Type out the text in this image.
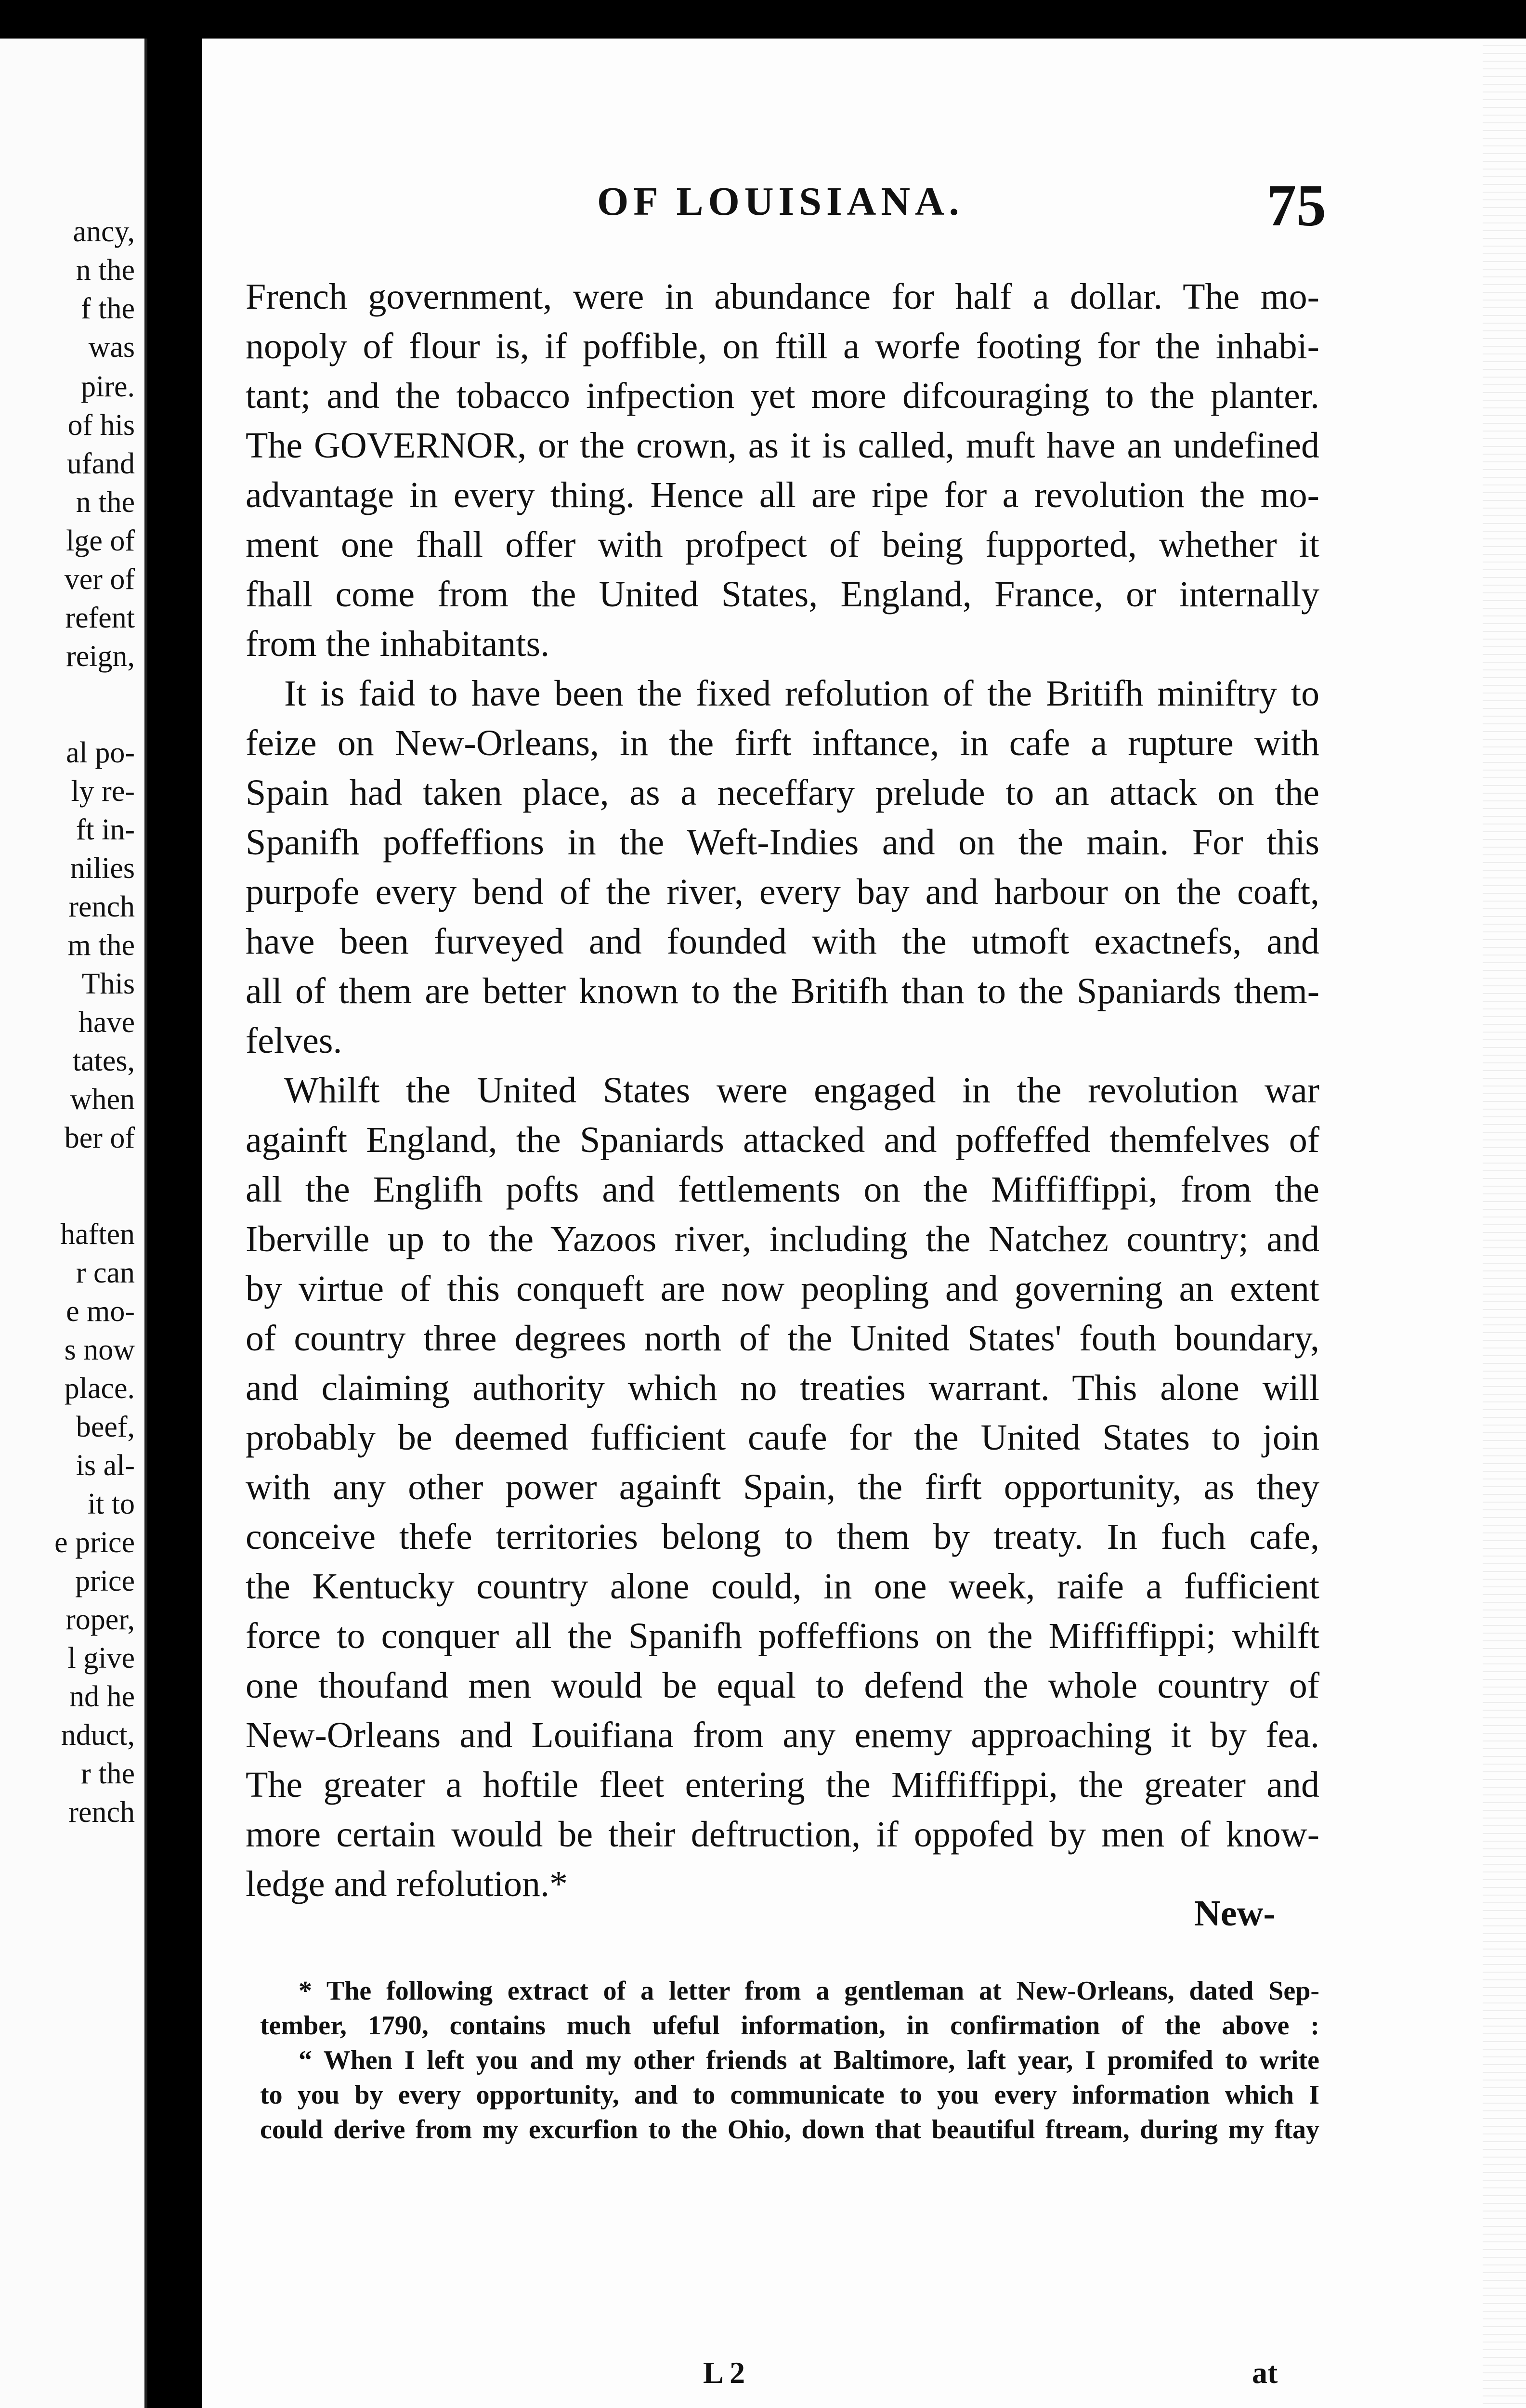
ancy,
n the
f the
was
pire.
of his
ufand
n the
lge of
ver of
refent
reign,
al po-
ly re-
ft in-
nilies
rench
m the
This
have
tates,
when
ber of
haften
r can
e mo-
s now
place.
beef,
is al-
it to
e price
price
roper,
l give
nd he
nduct,
r the
rench
OF LOUISIANA.	75
French government, were in abundance for half a dollar. The mo-
nopoly of flour is, if poffible, on ftill a worfe footing for the inhabi-
tant; and the tobacco infpection yet more difcouraging to the planter.
The GOVERNOR, or the crown, as it is called, muft have an undefined
advantage in every thing. Hence all are ripe for a revolution the mo-
ment one fhall offer with profpect of being fupported, whether it
fhall come from the United States, England, France, or internally
from the inhabitants.
It is faid to have been the fixed refolution of the Britifh miniftry to
feize on New-Orleans, in the firft inftance, in cafe a rupture with
Spain had taken place, as a neceffary prelude to an attack on the
Spanifh poffeffions in the Weft-Indies and on the main. For this
purpofe every bend of the river, every bay and harbour on the coaft,
have been furveyed and founded with the utmoft exactnefs, and
all of them are better known to the Britifh than to the Spaniards them-
felves.
Whilft the United States were engaged in the revolution war
againft England, the Spaniards attacked and poffeffed themfelves of
all the Englifh pofts and fettlements on the Miffiffippi, from the
Iberville up to the Yazoos river, including the Natchez country; and
by virtue of this conqueft are now peopling and governing an extent
of country three degrees north of the United States' fouth boundary,
and claiming authority which no treaties warrant. This alone will
probably be deemed fufficient caufe for the United States to join
with any other power againft Spain, the firft opportunity, as they
conceive thefe territories belong to them by treaty. In fuch cafe,
the Kentucky country alone could, in one week, raife a fufficient
force to conquer all the Spanifh poffeffions on the Miffiffippi; whilft
one thoufand men would be equal to defend the whole country of
New-Orleans and Louifiana from any enemy approaching it by fea.
The greater a hoftile fleet entering the Miffiffippi, the greater and
more certain would be their deftruction, if oppofed by men of know-
ledge and refolution.*
New-
* The following extract of a letter from a gentleman at New-Orleans, dated Sep-
tember, 1790, contains much ufeful information, in confirmation of the above :
“ When I left you and my other friends at Baltimore, laft year, I promifed to write
to you by every opportunity, and to communicate to you every information which I
could derive from my excurfion to the Ohio, down that beautiful ftream, during my ftay
L 2	at
